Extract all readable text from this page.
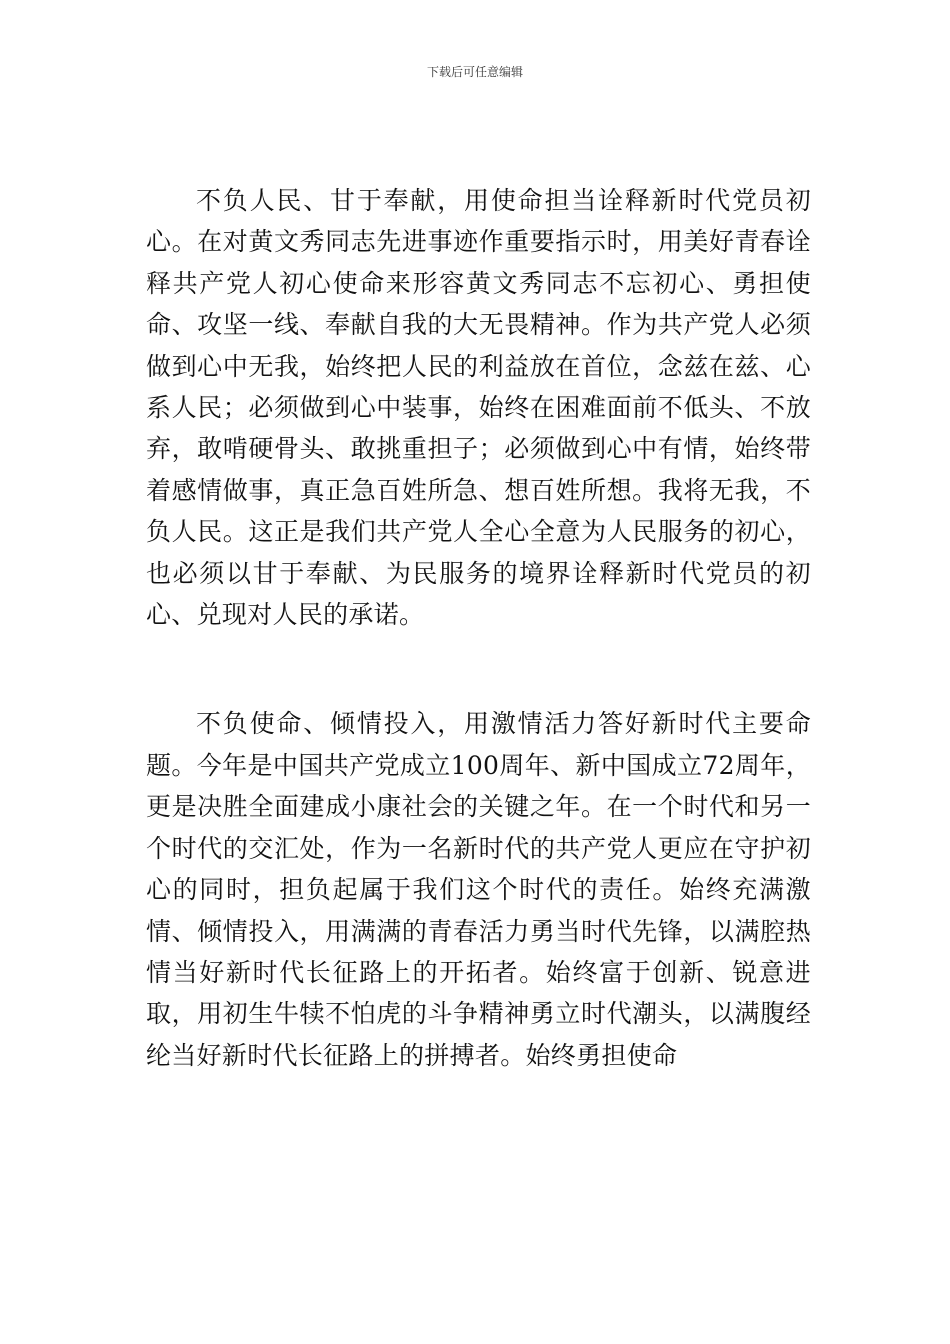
下载后可任意编辑

不负人民、甘于奉献，用使命担当诠释新时代党员初心。在对黄文秀同志先进事迹作重要指示时，用美好青春诠释共产党人初心使命来形容黄文秀同志不忘初心、勇担使命、攻坚一线、奉献自我的大无畏精神。作为共产党人必须做到心中无我，始终把人民的利益放在首位，念兹在兹、心系人民；必须做到心中装事，始终在困难面前不低头、不放弃，敢啃硬骨头、敢挑重担子；必须做到心中有情，始终带着感情做事，真正急百姓所急、想百姓所想。我将无我，不负人民。这正是我们共产党人全心全意为人民服务的初心，也必须以甘于奉献、为民服务的境界诠释新时代党员的初心、兑现对人民的承诺。

不负使命、倾情投入，用激情活力答好新时代主要命题。今年是中国共产党成立100周年、新中国成立72周年，更是决胜全面建成小康社会的关键之年。在一个时代和另一个时代的交汇处，作为一名新时代的共产党人更应在守护初心的同时，担负起属于我们这个时代的责任。始终充满激情、倾情投入，用满满的青春活力勇当时代先锋，以满腔热情当好新时代长征路上的开拓者。始终富于创新、锐意进取，用初生牛犊不怕虎的斗争精神勇立时代潮头，以满腹经纶当好新时代长征路上的拼搏者。始终勇担使命
